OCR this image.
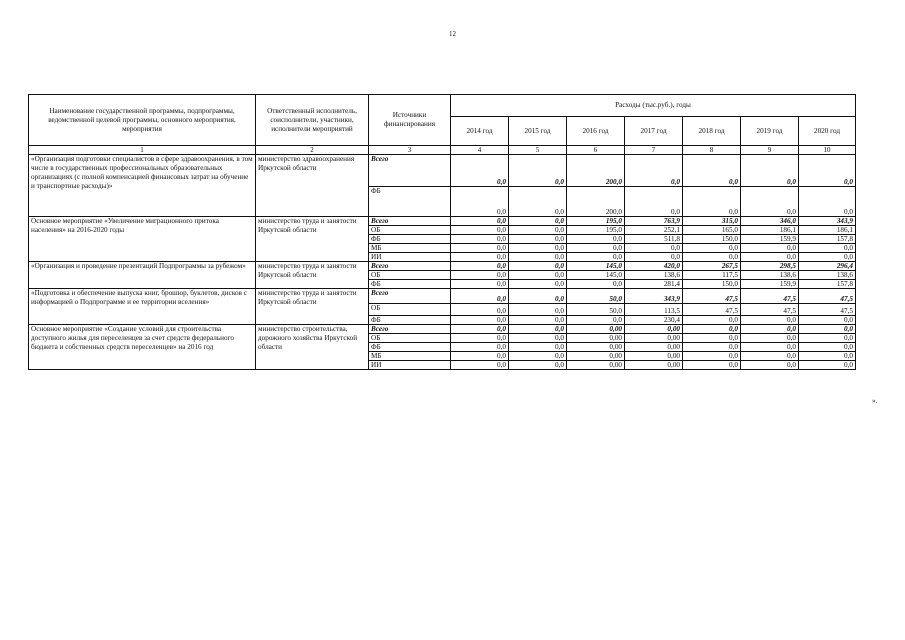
12
Наименование государственной программы, подпрограммы, ведомственной целевой программы, основного мероприятия, мероприятия	Ответственный исполнитель, соисполнители, участники, исполнители мероприятий	Источники финансирования	Расходы (тыс.руб.), годы						
			2014 год	2015 год	2016 год	2017 год	2018 год	2019 год	2020 год
1	2	3	4	5	6	7	8	9	10
«Организация подготовки специалистов в сфере здравоохранения, в том числе в государственных профессиональных образовательных организациях (с полной компенсацией финансовых затрат на обучение и транспортные расходы)»	министерство здравоохранения Иркутской области	Всего	0,0	0,0	200,0	0,0	0,0	0,0	0,0
		ФБ	0,0	0,0	200,0	0,0	0,0	0,0	0,0
Основное мероприятие «Увеличение миграционного притока населения» на 2016-2020 годы	министерство труда и занятости Иркутской области	Всего	0,0	0,0	195,0	763,9	315,0	346,0	343,9
		ОБ	0,0	0,0	195,0	252,1	165,0	186,1	186,1
		ФБ	0,0	0,0	0,0	511,8	150,0	159,9	157,8
		МБ	0,0	0,0	0,0	0,0	0,0	0,0	0,0
		ИИ	0,0	0,0	0,0	0,0	0,0	0,0	0,0
«Организация и проведение презентаций Подпрограммы за рубежом»	министерство труда и занятости Иркутской области	Всего	0,0	0,0	145,0	420,0	267,5	298,5	296,4
		ОБ	0,0	0,0	145,0	138,6	117,5	138,6	138,6
		ФБ	0,0	0,0	0,0	281,4	150,0	159,9	157,8
«Подготовка и обеспечение выпуска книг, брошюр, буклетов, дисков с информацией о Подпрограмме и ее территории вселения»	министерство труда и занятости Иркутской области	Всего	0,0	0,0	50,0	343,9	47,5	47,5	47,5
		ОБ	0,0	0,0	50,0	113,5	47,5	47,5	47,5
		ФБ	0,0	0,0	0,0	230,4	0,0	0,0	0,0
Основное мероприятие «Создание условий для строительства доступного жилья для переселенцев за счет средств федерального бюджета и собственных средств переселенцев» на 2016 год	министерство строительства, дорожного хозяйства Иркутской области	Всего	0,0	0,0	0,00	0,00	0,0	0,0	0,0
		ОБ	0,0	0,0	0,00	0,00	0,0	0,0	0,0
		ФБ	0,0	0,0	0,00	0,00	0,0	0,0	0,0
		МБ	0,0	0,0	0,00	0,00	0,0	0,0	0,0
		ИИ	0,0	0,0	0,00	0,00	0,0	0,0	0,0
».
